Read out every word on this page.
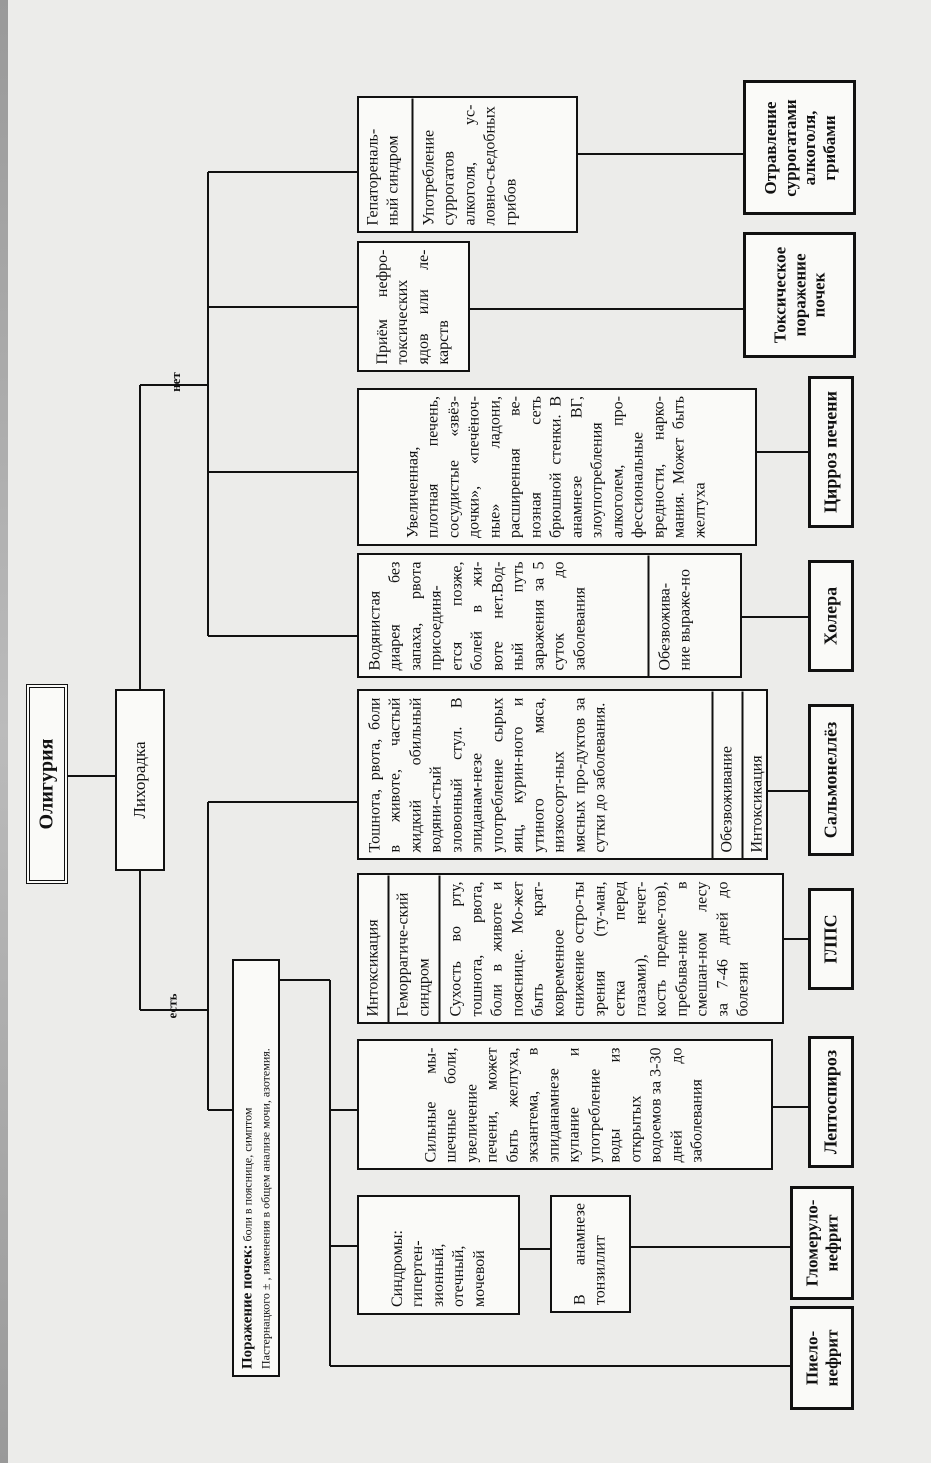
есть
нет
Олигурия	Лихорадка
Поражение почек: боли в пояснице, симптом Пастернацкого ± , изменения в общем анализе мочи, азотемия.
Гепатореналь-ный синдром	Употребление суррогатов алкоголя, ус-ловно-съедобных грибов
Приём нефро-токсических ядов или ле-карств
Увеличенная, плотная печень, сосудистые «звёз-дочки», «печёноч-ные» ладони, расширенная ве-нозная сеть брюшной стенки. В анамнезе ВГ, злоупотребления алкоголем, про-фессиональные вредности, нарко-мания. Может быть желтуха
Водянистая диарея без запаха, рвота присоединя-ется позже, болей в жи-воте нет.Вод-ный путь заражения за 5 суток до заболевания	Обезвожива-ние выраже-но
Тошнота, рвота, боли в животе, частый жидкий обильный водяни-стый зловонный стул. В эпиданам-незе употребление сырых яиц, курин-ного и утиного мяса, низкосорт-ных мясных про-дуктов за сутки до заболевания.	Обезвоживание Интоксикация
Интоксикация Геморрагиче-ский синдром Сухость во рту, тошнота, рвота, боли в животе и пояснице. Мо-жет быть крат-ковременное снижение остро-ты зрения (ту-ман, сетка перед глазами), нечет-кость предме-тов), пребыва-ние в смешан-ном лесу за 7-46 дней до болезни
Сильные мы-шечные боли, увеличение печени, может быть желтуха, экзантема, в эпиданамнезе купание и употребление воды из открытых водоемов за 3-30 дней до заболевания
Синдромы: гипертен-зионный, отечный, мочевой	В анамнезе тонзиллит
Отравление суррогатами алкоголя, грибами
Токсическое поражение почек
Цирроз печени
Холера
Сальмонеллёз
ГЛПС
Лептоспироз
Гломеруло-нефрит
Пиело-нефрит
